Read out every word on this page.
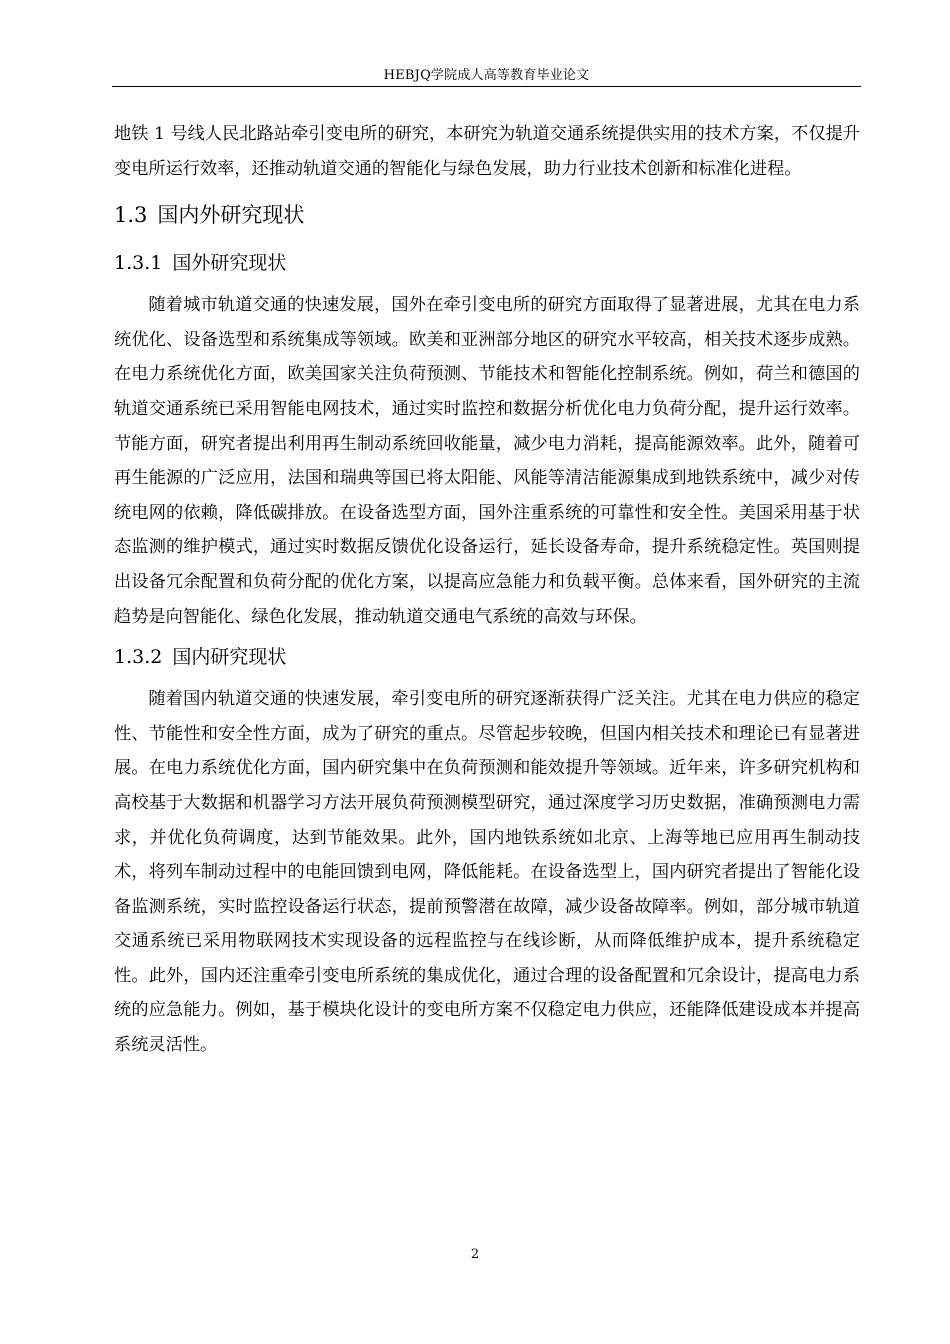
HEBJQ学院成人高等教育毕业论文

地铁 1 号线人民北路站牵引变电所的研究，本研究为轨道交通系统提供实用的技术方案，不仅提升变电所运行效率，还推动轨道交通的智能化与绿色发展，助力行业技术创新和标准化进程。

1.3 国内外研究现状
1.3.1 国外研究现状

随着城市轨道交通的快速发展，国外在牵引变电所的研究方面取得了显著进展，尤其在电力系统优化、设备选型和系统集成等领域。欧美和亚洲部分地区的研究水平较高，相关技术逐步成熟。在电力系统优化方面，欧美国家关注负荷预测、节能技术和智能化控制系统。例如，荷兰和德国的轨道交通系统已采用智能电网技术，通过实时监控和数据分析优化电力负荷分配，提升运行效率。节能方面，研究者提出利用再生制动系统回收能量，减少电力消耗，提高能源效率。此外，随着可再生能源的广泛应用，法国和瑞典等国已将太阳能、风能等清洁能源集成到地铁系统中，减少对传统电网的依赖，降低碳排放。在设备选型方面，国外注重系统的可靠性和安全性。美国采用基于状态监测的维护模式，通过实时数据反馈优化设备运行，延长设备寿命，提升系统稳定性。英国则提出设备冗余配置和负荷分配的优化方案，以提高应急能力和负载平衡。总体来看，国外研究的主流趋势是向智能化、绿色化发展，推动轨道交通电气系统的高效与环保。

1.3.2 国内研究现状

随着国内轨道交通的快速发展，牵引变电所的研究逐渐获得广泛关注。尤其在电力供应的稳定性、节能性和安全性方面，成为了研究的重点。尽管起步较晚，但国内相关技术和理论已有显著进展。在电力系统优化方面，国内研究集中在负荷预测和能效提升等领域。近年来，许多研究机构和高校基于大数据和机器学习方法开展负荷预测模型研究，通过深度学习历史数据，准确预测电力需求，并优化负荷调度，达到节能效果。此外，国内地铁系统如北京、上海等地已应用再生制动技术，将列车制动过程中的电能回馈到电网，降低能耗。在设备选型上，国内研究者提出了智能化设备监测系统，实时监控设备运行状态，提前预警潜在故障，减少设备故障率。例如，部分城市轨道交通系统已采用物联网技术实现设备的远程监控与在线诊断，从而降低维护成本，提升系统稳定性。此外，国内还注重牵引变电所系统的集成优化，通过合理的设备配置和冗余设计，提高电力系统的应急能力。例如，基于模块化设计的变电所方案不仅稳定电力供应，还能降低建设成本并提高系统灵活性。

2
